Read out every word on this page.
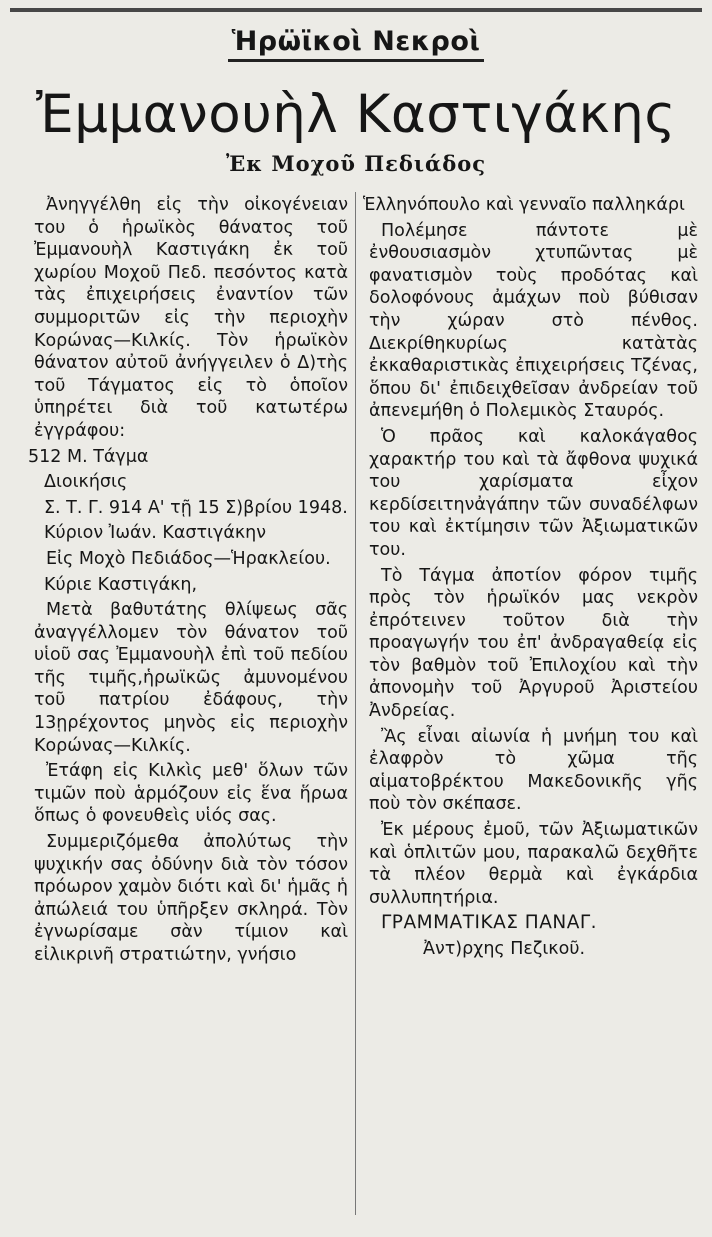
Ἡρω̈ϊκοὶ Νεκροὶ
Ἐμμανουὴλ Καστιγάκης
Ἐκ Μοχοῦ Πεδιάδος

Ἀνηγγέλθη εἰς τὴν οἰκογένειαν του ὁ ἡρωϊκὸς θάνατος τοῦ Ἐμμανουὴλ Καστιγάκη ἐκ τοῦ χωρίου Μοχοῦ Πεδ. πεσόντος κατὰ τὰς ἐπιχειρήσεις ἐναντίον τῶν συμμοριτῶν εἰς τὴν περιοχὴν Κορώνας—Κιλκίς. Τὸν ἡρωϊκὸν θάνατον αὐτοῦ ἀνήγγειλεν ὁ Δ)τὴς τοῦ Τάγματος εἰς τὸ ὁποῖον ὑπηρέτει διὰ τοῦ κατωτέρω ἐγγράφου:

512 Μ. Τάγμα

Διοικήσις

Σ. Τ. Γ. 914 Α' τῇ 15 Σ)βρίου 1948.

Κύριον Ἰωάν. Καστιγάκην

Εἰς Μοχὸ Πεδιάδος—Ἡρακλείου.

Κύριε Καστιγάκη,

Μετὰ βαθυτάτης θλίψεως σᾶς ἀναγγέλλομεν τὸν θάνατον τοῦ υἱοῦ σας Ἐμμανουὴλ ἐπὶ τοῦ πεδίου τῆς τιμῆς,ἡρωϊκῶς ἀμυνομένου τοῦ πατρίου ἐδάφους, τὴν 13ῃρέχοντος μηνὸς εἰς περιοχὴν Κορώνας—Κιλκίς.

Ἐτάφη εἰς Κιλκὶς μεθ' ὅλων τῶν τιμῶν ποὺ ἁρμόζουν εἰς ἕνα ἥρωα ὅπως ὁ φονευθεὶς υἱός σας.

Συμμεριζόμεθα ἀπολύτως τὴν ψυχικήν σας ὀδύνην διὰ τὸν τόσον πρόωρον χαμὸν διότι καὶ δι' ἡμᾶς ἡ ἀπώλειά του ὑπῆρξεν σκληρά. Τὸν ἐγνωρίσαμε σὰν τίμιον καὶ εἰλικρινῆ στρατιώτην, γνήσιο

Ἑλληνόπουλο καὶ γενναῖο παλληκάρι

Πολέμησε πάντοτε μὲ ἐνθουσιασμὸν χτυπῶντας μὲ φανατισμὸν τοὺς προδότας καὶ δολοφόνους ἀμάχων ποὺ βύθισαν τὴν χώραν στὸ πένθος. Διεκρίθηκυρίως κατὰτὰς ἐκκαθαριστικὰς ἐπιχειρήσεις Τζένας, ὅπου δι' ἐπιδειχθεῖσαν ἀνδρείαν τοῦ ἀπενεμήθη ὁ Πολεμικὸς Σταυρός.

Ὁ πρᾶος καὶ καλοκάγαθος χαρακτήρ του καὶ τὰ ἄφθονα ψυχικά του χαρίσματα εἶχον κερδίσειτηνἀγάπην τῶν συναδέλφων του καὶ ἐκτίμησιν τῶν Ἀξιωματικῶν του.

Τὸ Τάγμα ἀποτίον φόρον τιμῆς πρὸς τὸν ἡρωϊκόν μας νεκρὸν ἐπρότεινεν τοῦτον διὰ τὴν προαγωγήν του ἐπ' ἀνδραγαθείᾳ εἰς τὸν βαθμὸν τοῦ Ἐπιλοχίου καὶ τὴν ἀπονομὴν τοῦ Ἀργυροῦ Ἀριστείου Ἀνδρείας.

Ἂς εἶναι αἰωνία ἡ μνήμη του καὶ ἐλαφρὸν τὸ χῶμα τῆς αἱματοβρέκτου Μακεδονικῆς γῆς ποὺ τὸν σκέπασε.

Ἐκ μέρους ἐμοῦ, τῶν Ἀξιωματικῶν καὶ ὁπλιτῶν μου, παρακαλῶ δεχθῆτε τὰ πλέον θερμὰ καὶ ἐγκάρδια συλλυπητήρια.

ΓΡΑΜΜΑΤΙΚΑΣ ΠΑΝΑΓ.

Ἀντ)ρχης Πεζικοῦ.
